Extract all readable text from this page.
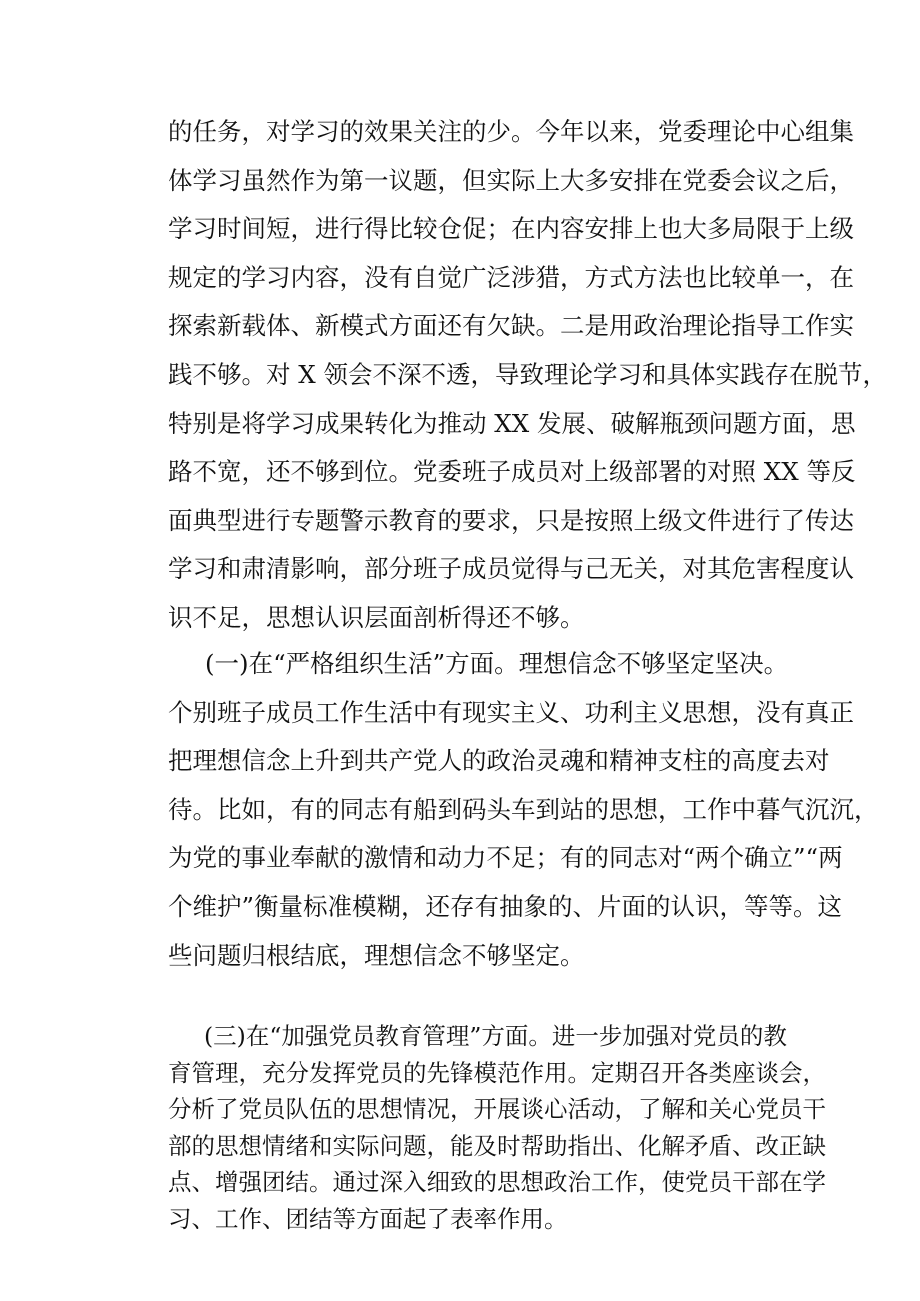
的任务，对学习的效果关注的少。今年以来，党委理论中心组集
体学习虽然作为第一议题，但实际上大多安排在党委会议之后，
学习时间短，进行得比较仓促；在内容安排上也大多局限于上级
规定的学习内容，没有自觉广泛涉猎，方式方法也比较单一，在
探索新载体、新模式方面还有欠缺。二是用政治理论指导工作实
践不够。对 X 领会不深不透，导致理论学习和具体实践存在脱节，
特别是将学习成果转化为推动 XX 发展、破解瓶颈问题方面，思
路不宽，还不够到位。党委班子成员对上级部署的对照 XX 等反
面典型进行专题警示教育的要求，只是按照上级文件进行了传达
学习和肃清影响，部分班子成员觉得与己无关，对其危害程度认
识不足，思想认识层面剖析得还不够。
(一)在“严格组织生活”方面。理想信念不够坚定坚决。
个别班子成员工作生活中有现实主义、功利主义思想，没有真正
把理想信念上升到共产党人的政治灵魂和精神支柱的高度去对
待。比如，有的同志有船到码头车到站的思想，工作中暮气沉沉，
为党的事业奉献的激情和动力不足；有的同志对“两个确立”“两
个维护”衡量标准模糊，还存有抽象的、片面的认识，等等。这
些问题归根结底，理想信念不够坚定。
(三)在“加强党员教育管理”方面。进一步加强对党员的教
育管理，充分发挥党员的先锋模范作用。定期召开各类座谈会，
分析了党员队伍的思想情况，开展谈心活动，了解和关心党员干
部的思想情绪和实际问题，能及时帮助指出、化解矛盾、改正缺
点、增强团结。通过深入细致的思想政治工作，使党员干部在学
习、工作、团结等方面起了表率作用。
